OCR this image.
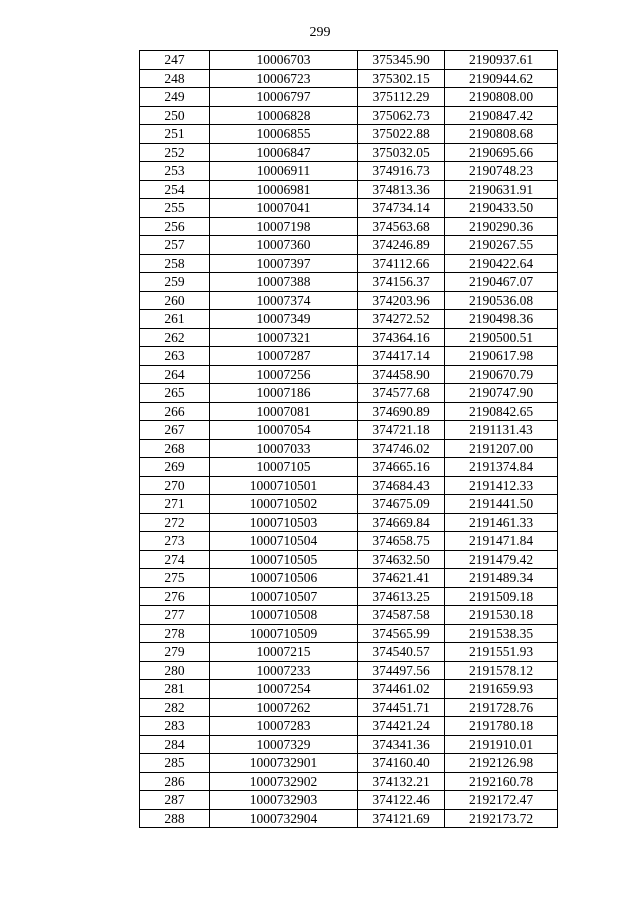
299
247	10006703	375345.90	2190937.61
248	10006723	375302.15	2190944.62
249	10006797	375112.29	2190808.00
250	10006828	375062.73	2190847.42
251	10006855	375022.88	2190808.68
252	10006847	375032.05	2190695.66
253	10006911	374916.73	2190748.23
254	10006981	374813.36	2190631.91
255	10007041	374734.14	2190433.50
256	10007198	374563.68	2190290.36
257	10007360	374246.89	2190267.55
258	10007397	374112.66	2190422.64
259	10007388	374156.37	2190467.07
260	10007374	374203.96	2190536.08
261	10007349	374272.52	2190498.36
262	10007321	374364.16	2190500.51
263	10007287	374417.14	2190617.98
264	10007256	374458.90	2190670.79
265	10007186	374577.68	2190747.90
266	10007081	374690.89	2190842.65
267	10007054	374721.18	2191131.43
268	10007033	374746.02	2191207.00
269	10007105	374665.16	2191374.84
270	1000710501	374684.43	2191412.33
271	1000710502	374675.09	2191441.50
272	1000710503	374669.84	2191461.33
273	1000710504	374658.75	2191471.84
274	1000710505	374632.50	2191479.42
275	1000710506	374621.41	2191489.34
276	1000710507	374613.25	2191509.18
277	1000710508	374587.58	2191530.18
278	1000710509	374565.99	2191538.35
279	10007215	374540.57	2191551.93
280	10007233	374497.56	2191578.12
281	10007254	374461.02	2191659.93
282	10007262	374451.71	2191728.76
283	10007283	374421.24	2191780.18
284	10007329	374341.36	2191910.01
285	1000732901	374160.40	2192126.98
286	1000732902	374132.21	2192160.78
287	1000732903	374122.46	2192172.47
288	1000732904	374121.69	2192173.72
